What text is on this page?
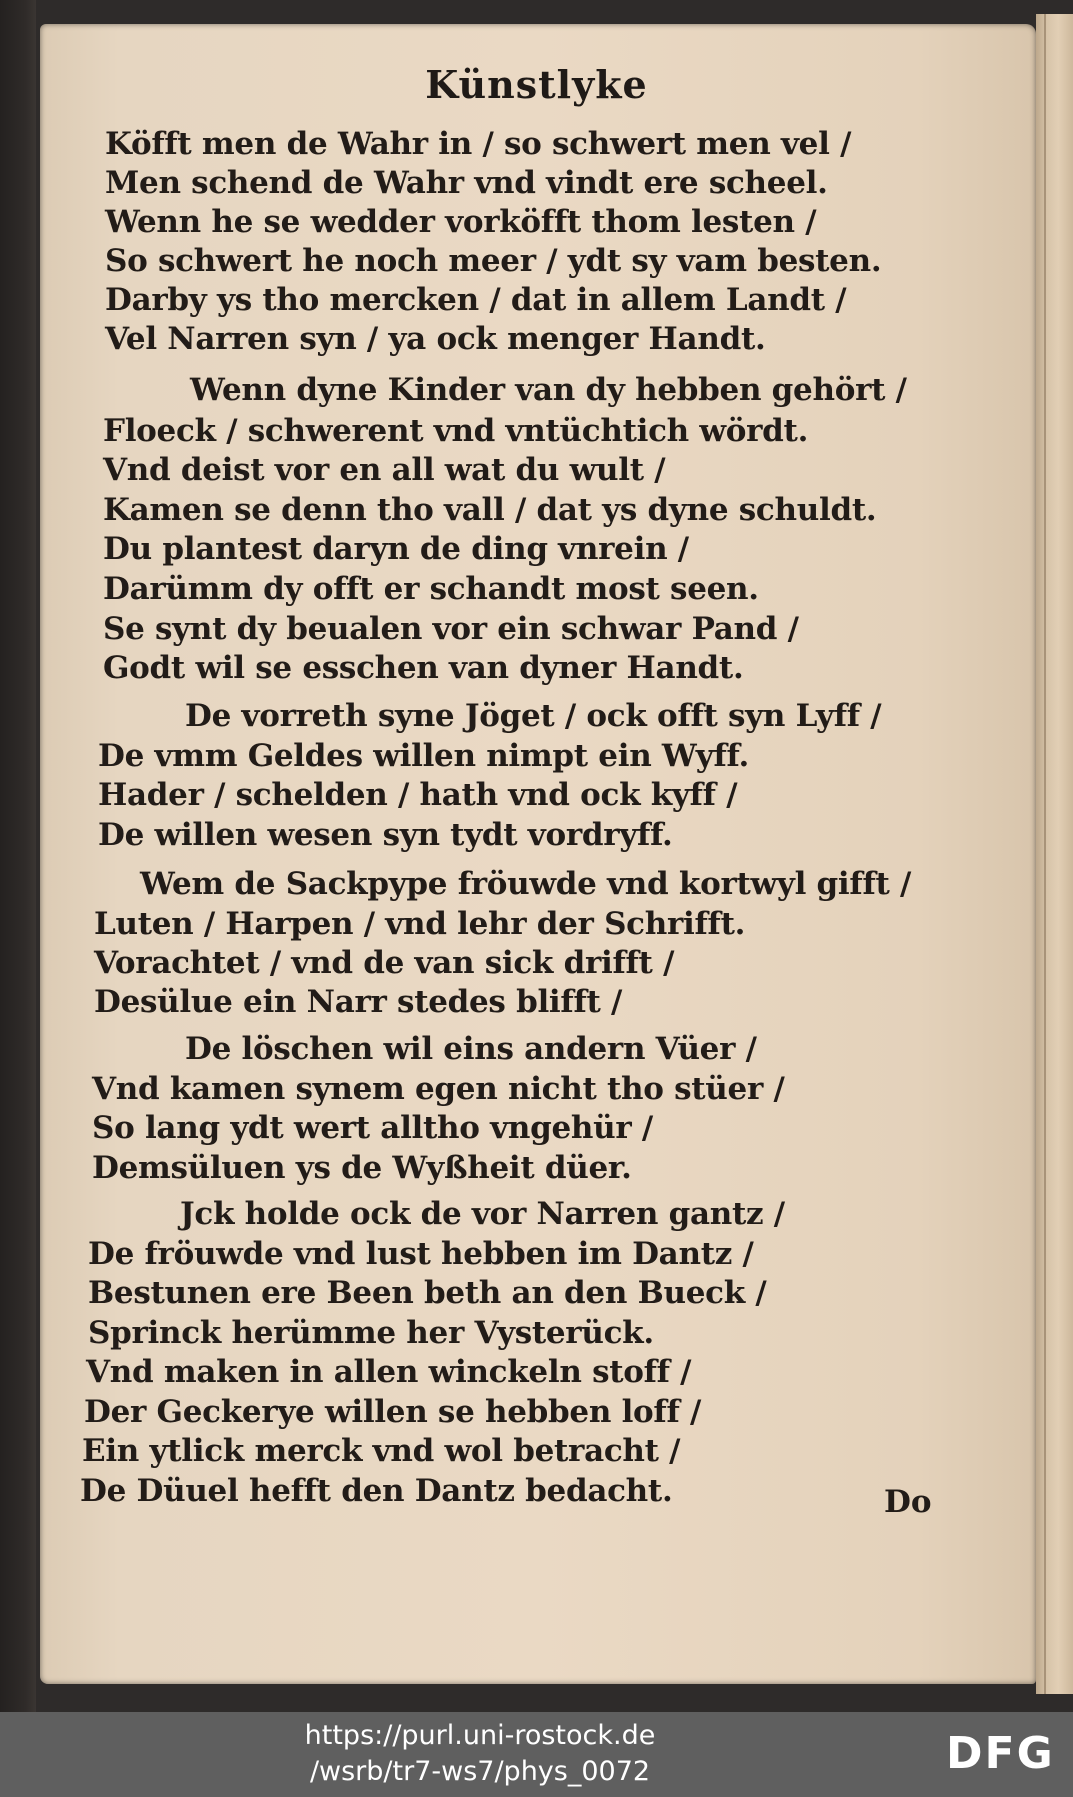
Künstlyke
Köfft men de Wahr in / so schwert men vel /
Men schend de Wahr vnd vindt ere scheel.
Wenn he se wedder vorköfft thom lesten /
So schwert he noch meer / ydt sy vam besten.
Darby ys tho mercken / dat in allem Landt /
Vel Narren syn / ya ock menger Handt.
Wenn dyne Kinder van dy hebben gehört /
Floeck / schwerent vnd vntüchtich wördt.
Vnd deist vor en all wat du wult /
Kamen se denn tho vall / dat ys dyne schuldt.
Du plantest daryn de ding vnrein /
Darümm dy offt er schandt most seen.
Se synt dy beualen vor ein schwar Pand /
Godt wil se esschen van dyner Handt.
De vorreth syne Jöget / ock offt syn Lyff /
De vmm Geldes willen nimpt ein Wyff.
Hader / schelden / hath vnd ock kyff /
De willen wesen syn tydt vordryff.
Wem de Sackpype fröuwde vnd kortwyl gifft /
Luten / Harpen / vnd lehr der Schrifft.
Vorachtet / vnd de van sick drifft /
Desülue ein Narr stedes blifft /
De löschen wil eins andern Vüer /
Vnd kamen synem egen nicht tho stüer /
So lang ydt wert alltho vngehür /
Demsüluen ys de Wyßheit düer.
Jck holde ock de vor Narren gantz /
De fröuwde vnd lust hebben im Dantz /
Bestunen ere Been beth an den Bueck /
Sprinck herümme her Vysterück.
Vnd maken in allen winckeln stoff /
Der Geckerye willen se hebben loff /
Ein ytlick merck vnd wol betracht /
De Düuel hefft den Dantz bedacht.	Do
https://purl.uni-rostock.de
/wsrb/tr7-ws7/phys_0072	DFG
